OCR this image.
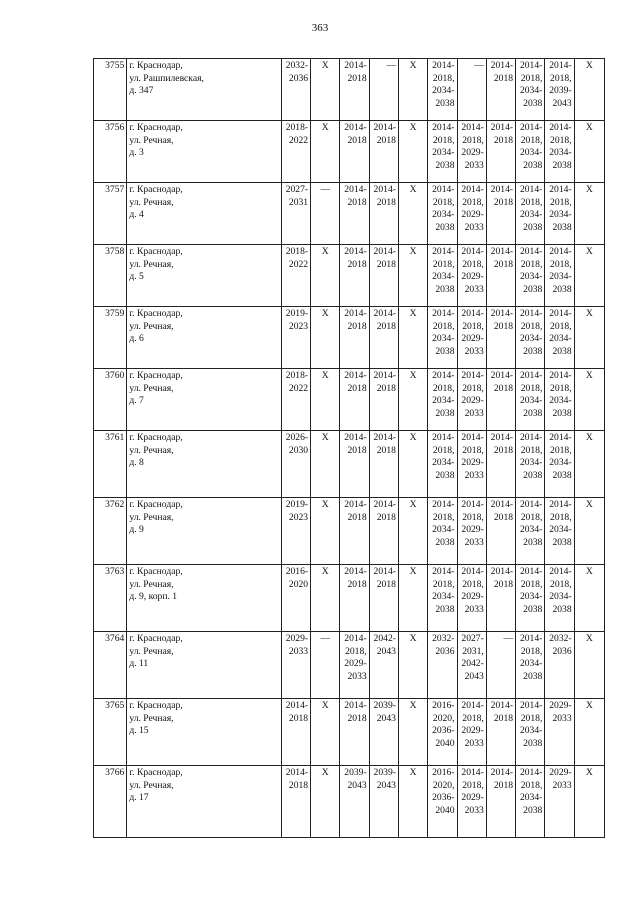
363
3755	г. Краснодар,
ул. Рашпилевская,
д. 347	2032-
2036	Х	2014-
2018	—	Х	2014-
2018,
2034-
2038	—	2014-
2018	2014-
2018,
2034-
2038	2014-
2018,
2039-
2043	Х
3756	г. Краснодар,
ул. Речная,
д. 3	2018-
2022	Х	2014-
2018	2014-
2018	Х	2014-
2018,
2034-
2038	2014-
2018,
2029-
2033	2014-
2018	2014-
2018,
2034-
2038	2014-
2018,
2034-
2038	Х
3757	г. Краснодар,
ул. Речная,
д. 4	2027-
2031	—	2014-
2018	2014-
2018	Х	2014-
2018,
2034-
2038	2014-
2018,
2029-
2033	2014-
2018	2014-
2018,
2034-
2038	2014-
2018,
2034-
2038	Х
3758	г. Краснодар,
ул. Речная,
д. 5	2018-
2022	Х	2014-
2018	2014-
2018	Х	2014-
2018,
2034-
2038	2014-
2018,
2029-
2033	2014-
2018	2014-
2018,
2034-
2038	2014-
2018,
2034-
2038	Х
3759	г. Краснодар,
ул. Речная,
д. 6	2019-
2023	Х	2014-
2018	2014-
2018	Х	2014-
2018,
2034-
2038	2014-
2018,
2029-
2033	2014-
2018	2014-
2018,
2034-
2038	2014-
2018,
2034-
2038	Х
3760	г. Краснодар,
ул. Речная,
д. 7	2018-
2022	Х	2014-
2018	2014-
2018	Х	2014-
2018,
2034-
2038	2014-
2018,
2029-
2033	2014-
2018	2014-
2018,
2034-
2038	2014-
2018,
2034-
2038	Х
3761	г. Краснодар,
ул. Речная,
д. 8	2026-
2030	Х	2014-
2018	2014-
2018	Х	2014-
2018,
2034-
2038	2014-
2018,
2029-
2033	2014-
2018	2014-
2018,
2034-
2038	2014-
2018,
2034-
2038	Х
3762	г. Краснодар,
ул. Речная,
д. 9	2019-
2023	Х	2014-
2018	2014-
2018	Х	2014-
2018,
2034-
2038	2014-
2018,
2029-
2033	2014-
2018	2014-
2018,
2034-
2038	2014-
2018,
2034-
2038	Х
3763	г. Краснодар,
ул. Речная,
д. 9, корп. 1	2016-
2020	Х	2014-
2018	2014-
2018	Х	2014-
2018,
2034-
2038	2014-
2018,
2029-
2033	2014-
2018	2014-
2018,
2034-
2038	2014-
2018,
2034-
2038	Х
3764	г. Краснодар,
ул. Речная,
д. 11	2029-
2033	—	2014-
2018,
2029-
2033	2042-
2043	Х	2032-
2036	2027-
2031,
2042-
2043	—	2014-
2018,
2034-
2038	2032-
2036	Х
3765	г. Краснодар,
ул. Речная,
д. 15	2014-
2018	Х	2014-
2018	2039-
2043	Х	2016-
2020,
2036-
2040	2014-
2018,
2029-
2033	2014-
2018	2014-
2018,
2034-
2038	2029-
2033	Х
3766	г. Краснодар,
ул. Речная,
д. 17	2014-
2018	Х	2039-
2043	2039-
2043	Х	2016-
2020,
2036-
2040	2014-
2018,
2029-
2033	2014-
2018	2014-
2018,
2034-
2038	2029-
2033	Х
